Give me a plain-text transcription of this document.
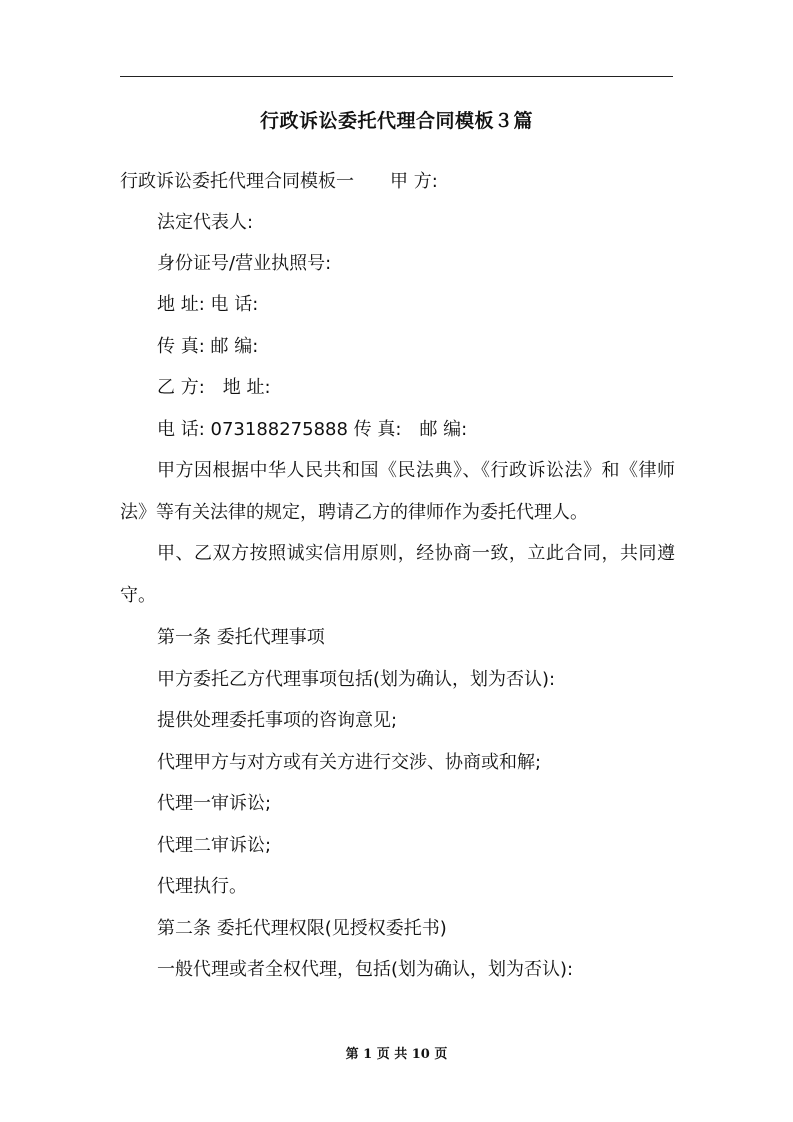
行政诉讼委托代理合同模板３篇
行政诉讼委托代理合同模板一　　甲 方:
法定代表人:
身份证号/营业执照号:
地 址: 电 话:
传 真: 邮 编:
乙 方:　地 址:
电 话: 073188275888 传 真:　邮 编:
甲方因根据中华人民共和国《民法典》、《行政诉讼法》和《律师法》等有关法律的规定，聘请乙方的律师作为委托代理人。
甲、乙双方按照诚实信用原则，经协商一致，立此合同，共同遵守。
第一条 委托代理事项
甲方委托乙方代理事项包括(划为确认，划为否认):
提供处理委托事项的咨询意见;
代理甲方与对方或有关方进行交涉、协商或和解;
代理一审诉讼;
代理二审诉讼;
代理执行。
第二条 委托代理权限(见授权委托书)
一般代理或者全权代理，包括(划为确认，划为否认):
第 1 页 共 10 页
